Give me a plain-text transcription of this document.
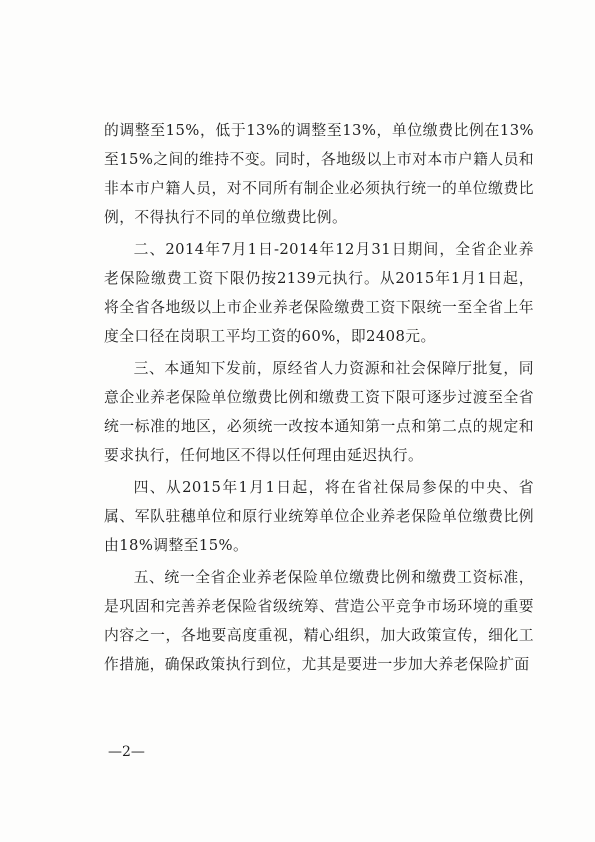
的调整至15%，低于13%的调整至13%，单位缴费比例在13%至15%之间的维持不变。同时，各地级以上市对本市户籍人员和非本市户籍人员，对不同所有制企业必须执行统一的单位缴费比例，不得执行不同的单位缴费比例。

二、2014年7月1日-2014年12月31日期间，全省企业养老保险缴费工资下限仍按2139元执行。从2015年1月1日起，将全省各地级以上市企业养老保险缴费工资下限统一至全省上年度全口径在岗职工平均工资的60%，即2408元。

三、本通知下发前，原经省人力资源和社会保障厅批复，同意企业养老保险单位缴费比例和缴费工资下限可逐步过渡至全省统一标准的地区，必须统一改按本通知第一点和第二点的规定和要求执行，任何地区不得以任何理由延迟执行。

四、从2015年1月1日起，将在省社保局参保的中央、省属、军队驻穗单位和原行业统筹单位企业养老保险单位缴费比例由18%调整至15%。

五、统一全省企业养老保险单位缴费比例和缴费工资标准，是巩固和完善养老保险省级统筹、营造公平竞争市场环境的重要内容之一，各地要高度重视，精心组织，加大政策宣传，细化工作措施，确保政策执行到位，尤其是要进一步加大养老保险扩面

—2—
